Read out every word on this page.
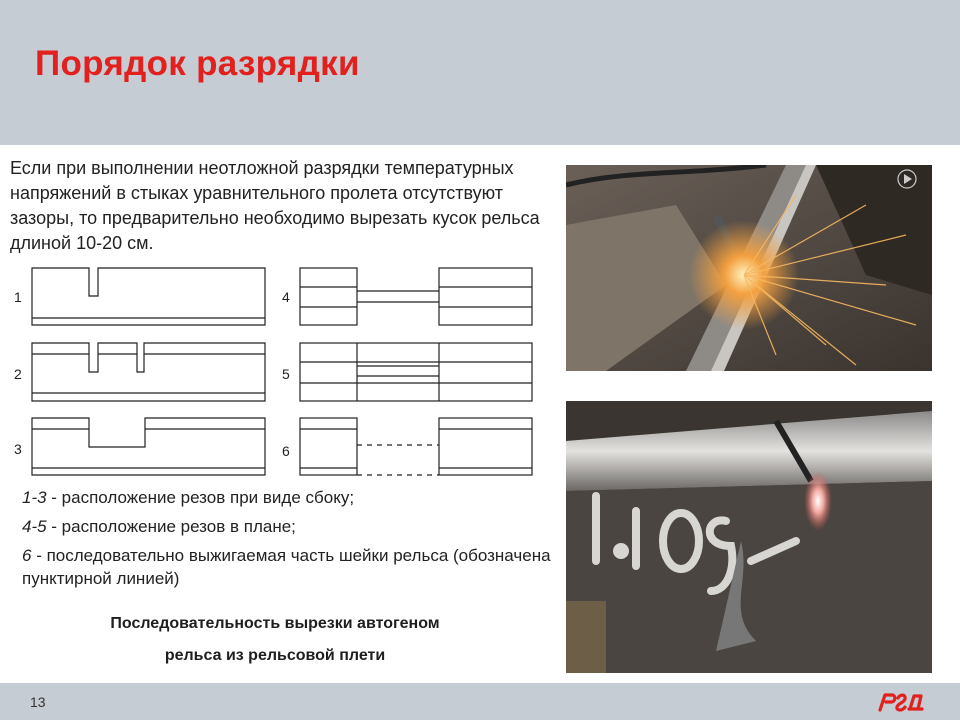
Порядок разрядки
Если при выполнении неотложной разрядки температурных напряжений в стыках уравнительного пролета отсутствуют зазоры, то предварительно необходимо вырезать кусок рельса длиной 10-20 см.
1
2
3
4
5
6

1-3 - расположение резов при виде сбоку;

4-5 - расположение резов в плане;

6 - последовательно выжигаемая часть шейки рельса (обозначена пунктирной линией)

Последовательность вырезки автогеном
рельса из рельсовой плети
13
